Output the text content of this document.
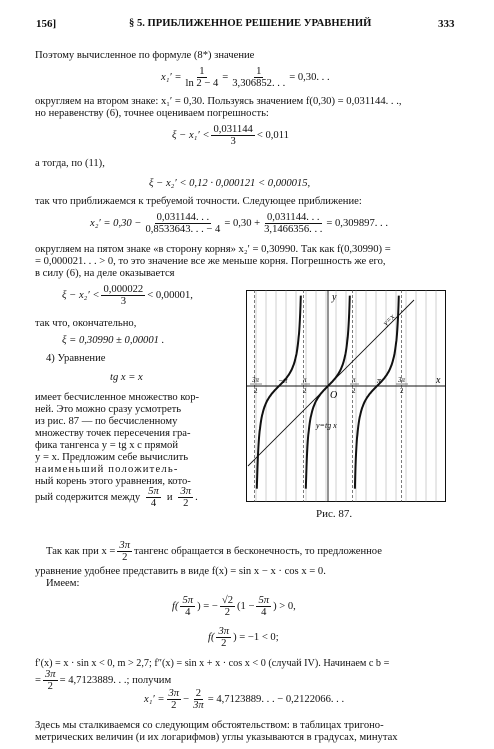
156]	§ 5. ПРИБЛИЖЕННОЕ РЕШЕНИЕ УРАВНЕНИЙ	333
Поэтому вычисленное по формуле (8*) значение
$x_1' = \frac{1}{\ln 2 - 4} = \frac{1}{3,306852. . .} = 0,30$. . .
округляем на втором знаке: x₁′ = 0,30. Пользуясь значением f(0,30) = 0,031144. . .,
но неравенству (6), точнее оцениваем погрешность:
$\xi - x_1' < \frac{0,031144}{3} < 0,011$
а тогда, по (11),
ξ − x₂′ < 0,12 · 0,000121 < 0,000015,
так что приближаемся к требуемой точности. Следующее приближение:
$x_2' = 0,30 - \frac{0,031144. . .}{0,8533643. . . - 4} = 0,30 + \frac{0,031144. . .}{3,1466356. . .} = 0,309897$. . .
округляем на пятом знаке «в сторону корня» x₂′ = 0,30990. Так как f(0,30990) =
= 0,000021. . . > 0, то это значение все же меньше корня. Погрешность же его,
в силу (6), на деле оказывается
$\xi - x_2' < \frac{0,000022}{3} < 0,00001$,
так что, окончательно,
ξ = 0,30990 ± 0,00001 .
4) Уравнение
tg x = x
имеет бесчисленное множество кор-
ней. Это можно сразу усмотреть
из рис. 87 — по бесчисленному
множеству точек пересечения гра-
фика тангенса y = tg x с прямой
y = x. Предложим себе вычислить
наименьший положитель-
ный корень этого уравнения, кото-
рый содержится между $\frac{5\pi}{4}$ и $\frac{3\pi}{2}$ .
y
x
O
y=x
y=tg x
3π
2
−π π
2
π
2
π 3π
2
Рис. 87.
Так как при $x = \frac{3\pi}{2}$ тангенс обращается в бесконечность, то предложенное
уравнение удобнее представить в виде f(x) = sin x − x · cos x = 0.
Имеем:
$f( \frac{5\pi}{4}$ ) = − $\frac{√2}{2} (1 - \frac{5\pi}{4}$ ) > 0,
$f( \frac{3\pi}{2}$ ) = −1 < 0;
f′(x) = x · sin x < 0, m > 2,7; f″(x) = sin x + x · cos x < 0 (случай IV). Начинаем с b =
= $\frac{3\pi}{2} = 4,7123889$. . .; получим
$x_1' = \frac{3\pi}{2} - \frac{2}{3\pi} = 4,7123889$. . . − 0,2122066. . .
Здесь мы сталкиваемся со следующим обстоятельством: в таблицах тригоно-
метрических величин (и их логарифмов) углы указываются в градусах, минутах
